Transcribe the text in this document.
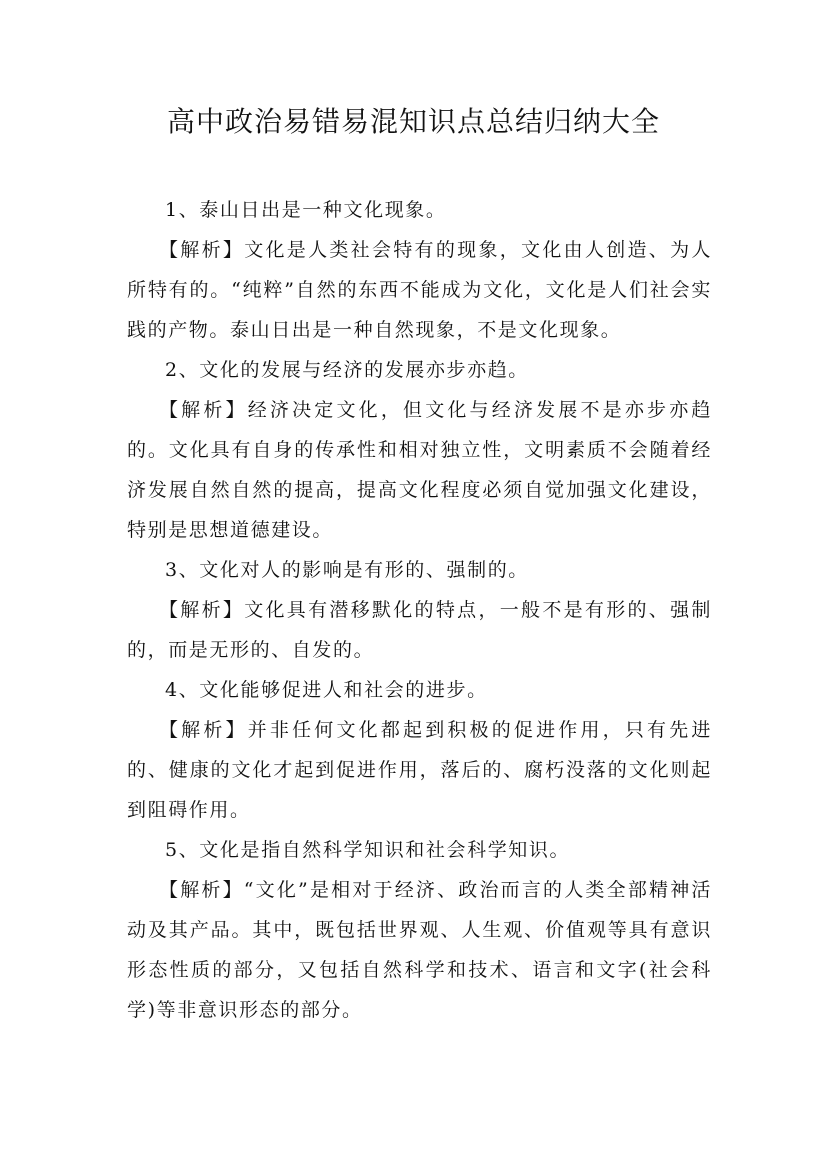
高中政治易错易混知识点总结归纳大全

1、泰山日出是一种文化现象。

【解析】文化是人类社会特有的现象，文化由人创造、为人所特有的。“纯粹”自然的东西不能成为文化，文化是人们社会实践的产物。泰山日出是一种自然现象，不是文化现象。

2、文化的发展与经济的发展亦步亦趋。

【解析】经济决定文化，但文化与经济发展不是亦步亦趋的。文化具有自身的传承性和相对独立性，文明素质不会随着经济发展自然自然的提高，提高文化程度必须自觉加强文化建设，特别是思想道德建设。

3、文化对人的影响是有形的、强制的。

【解析】文化具有潜移默化的特点，一般不是有形的、强制的，而是无形的、自发的。

4、文化能够促进人和社会的进步。

【解析】并非任何文化都起到积极的促进作用，只有先进的、健康的文化才起到促进作用，落后的、腐朽没落的文化则起到阻碍作用。

5、文化是指自然科学知识和社会科学知识。

【解析】“文化”是相对于经济、政治而言的人类全部精神活动及其产品。其中，既包括世界观、人生观、价值观等具有意识形态性质的部分，又包括自然科学和技术、语言和文字(社会科学)等非意识形态的部分。
